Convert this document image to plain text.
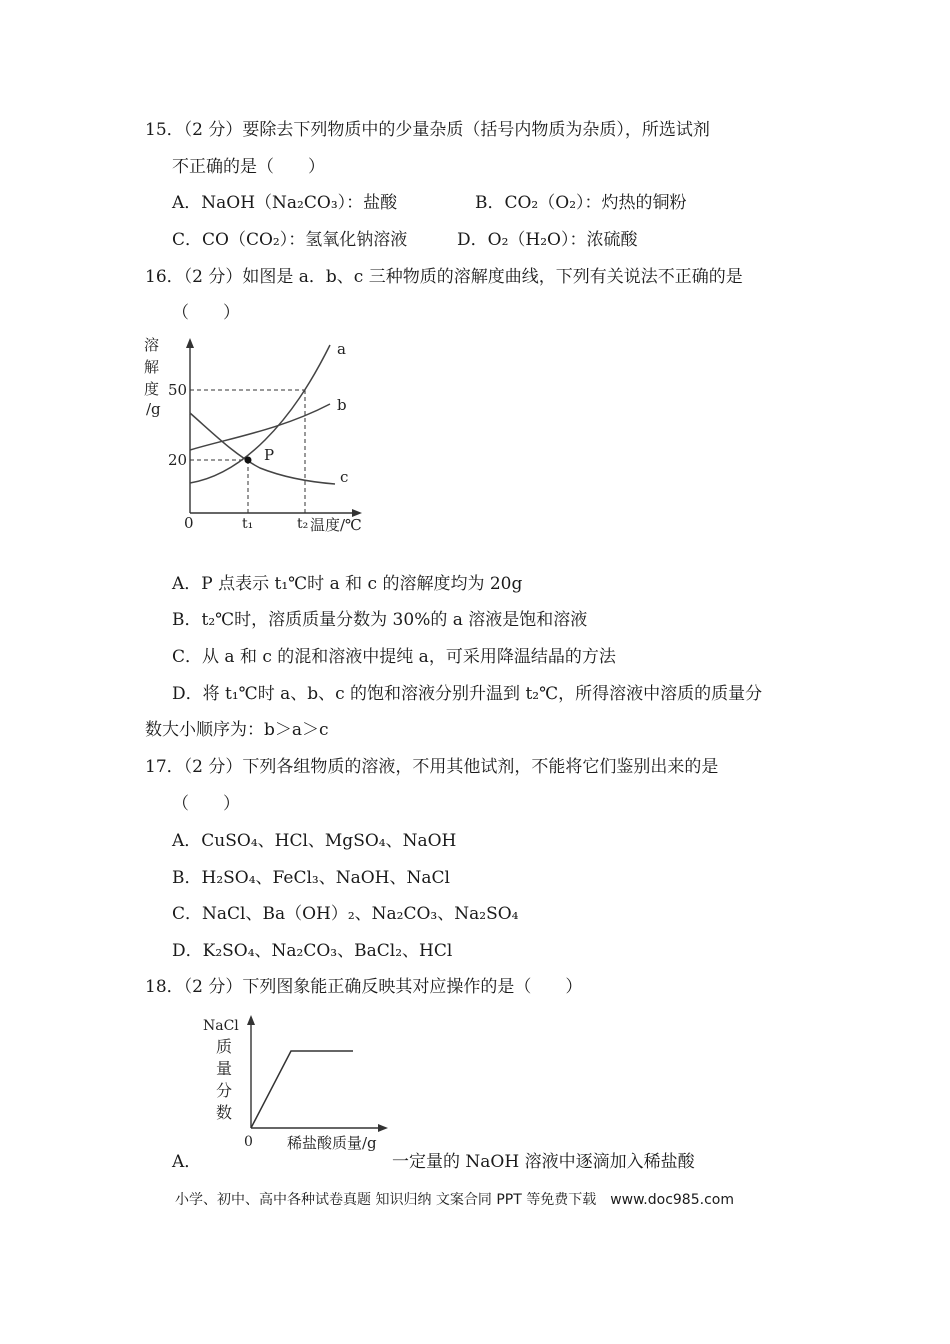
15．（2 分）要除去下列物质中的少量杂质（括号内物质为杂质），所选试剂
不正确的是（　　）
A．NaOH（Na₂CO₃）：盐酸	B．CO₂（O₂）：灼热的铜粉
C．CO（CO₂）：氢氧化钠溶液	D．O₂（H₂O）：浓硫酸
16．（2 分）如图是 a．b、c 三种物质的溶解度曲线，下列有关说法不正确的是
（　　）
溶
解
度
/g
50
20
0	t₁	t₂ 温度/℃
P
a
b
c
A．P 点表示 t₁℃时 a 和 c 的溶解度均为 20g
B．t₂℃时，溶质质量分数为 30%的 a 溶液是饱和溶液
C．从 a 和 c 的混和溶液中提纯 a，可采用降温结晶的方法
D．将 t₁℃时 a、b、c 的饱和溶液分别升温到 t₂℃，所得溶液中溶质的质量分
数大小顺序为：b＞a＞c
17．（2 分）下列各组物质的溶液，不用其他试剂，不能将它们鉴别出来的是
（　　）
A．CuSO₄、HCl、MgSO₄、NaOH
B．H₂SO₄、FeCl₃、NaOH、NaCl
C．NaCl、Ba（OH）₂、Na₂CO₃、Na₂SO₄
D．K₂SO₄、Na₂CO₃、BaCl₂、HCl
18．（2 分）下列图象能正确反映其对应操作的是（　　）
NaCl
质
量
分
数
0 稀盐酸质量/g
A．	一定量的 NaOH 溶液中逐滴加入稀盐酸
小学、初中、高中各种试卷真题 知识归纳 文案合同 PPT 等免费下载　www.doc985.com
